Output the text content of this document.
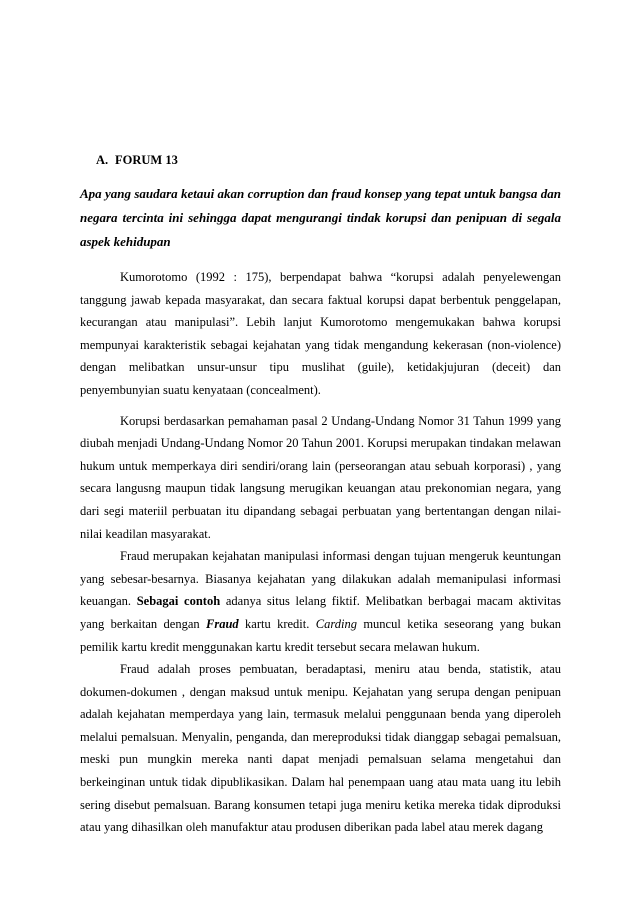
A. FORUM 13

Apa yang saudara ketaui akan corruption dan fraud konsep yang tepat untuk bangsa dan negara tercinta ini sehingga dapat mengurangi tindak korupsi dan penipuan di segala aspek kehidupan

Kumorotomo (1992 : 175), berpendapat bahwa “korupsi adalah penyelewengan tanggung jawab kepada masyarakat, dan secara faktual korupsi dapat berbentuk penggelapan, kecurangan atau manipulasi”. Lebih lanjut Kumorotomo mengemukakan bahwa korupsi mempunyai karakteristik sebagai kejahatan yang tidak mengandung kekerasan (non-violence) dengan melibatkan unsur-unsur tipu muslihat (guile), ketidakjujuran (deceit) dan penyembunyian suatu kenyataan (concealment).

Korupsi berdasarkan pemahaman pasal 2 Undang-Undang Nomor 31 Tahun 1999 yang diubah menjadi Undang-Undang Nomor 20 Tahun 2001. Korupsi merupakan tindakan melawan hukum untuk memperkaya diri sendiri/orang lain (perseorangan atau sebuah korporasi) , yang secara langusng maupun tidak langsung merugikan keuangan atau prekonomian negara, yang dari segi materiil perbuatan itu dipandang sebagai perbuatan yang bertentangan dengan nilai-nilai keadilan masyarakat.

Fraud merupakan kejahatan manipulasi informasi dengan tujuan mengeruk keuntungan yang sebesar-besarnya. Biasanya kejahatan yang dilakukan adalah memanipulasi informasi keuangan. Sebagai contoh adanya situs lelang fiktif. Melibatkan berbagai macam aktivitas yang berkaitan dengan Fraud kartu kredit. Carding muncul ketika seseorang yang bukan pemilik kartu kredit menggunakan kartu kredit tersebut secara melawan hukum.

Fraud adalah proses pembuatan, beradaptasi, meniru atau benda, statistik, atau dokumen-dokumen , dengan maksud untuk menipu. Kejahatan yang serupa dengan penipuan adalah kejahatan memperdaya yang lain, termasuk melalui penggunaan benda yang diperoleh melalui pemalsuan. Menyalin, penganda, dan mereproduksi tidak dianggap sebagai pemalsuan, meski pun mungkin mereka nanti dapat menjadi pemalsuan selama mengetahui dan berkeinginan untuk tidak dipublikasikan. Dalam hal penempaan uang atau mata uang itu lebih sering disebut pemalsuan. Barang konsumen tetapi juga meniru ketika mereka tidak diproduksi atau yang dihasilkan oleh manufaktur atau produsen diberikan pada label atau merek dagang
